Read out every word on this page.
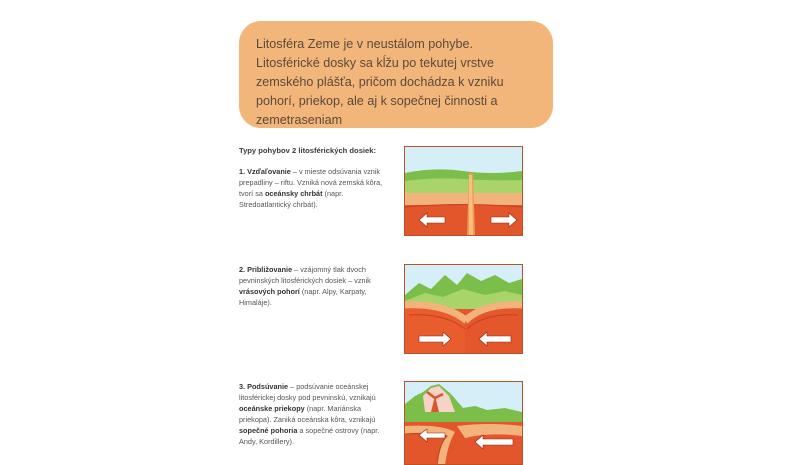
Litosféra Zeme je v neustálom pohybe. Litosférické dosky sa kĺžu po tekutej vrstve zemského plášťa, pričom dochádza k vzniku pohorí, priekop, ale aj k sopečnej činnosti a zemetraseniam
Typy pohybov 2 litosférických dosiek:
1. Vzďaľovanie – v mieste odsúvania vznik prepadliny – riftu. Vzniká nová zemská kôra, tvorí sa oceánsky chrbát (napr. Stredoatlantický chrbát).
2. Približovanie – vzájomný tlak dvoch pevninských litosférických dosiek – vznik vrásových pohorí (napr. Alpy, Karpaty, Himaláje).
3. Podsúvanie – podsúvanie oceánskej litosférickej dosky pod pevninskú, vznikajú oceánske priekopy (napr. Mariánska priekopa). Zaniká oceánska kôra, vznikajú sopečné pohoria a sopečné ostrovy (napr. Andy, Kordillery).
